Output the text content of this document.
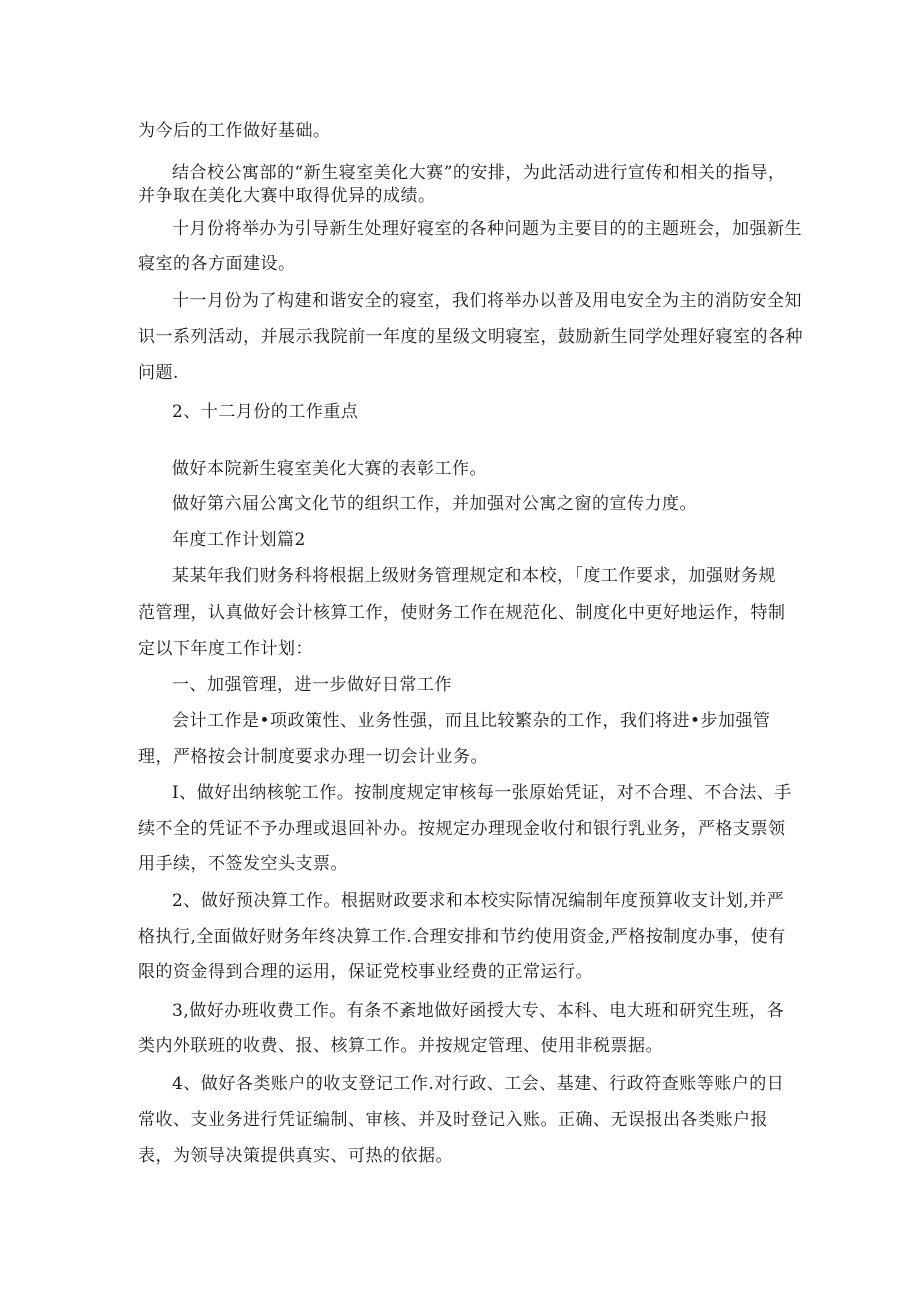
为今后的工作做好基础。

结合校公寓部的“新生寝室美化大赛”的安排，为此活动进行宣传和相关的指导，

并争取在美化大赛中取得优异的成绩。

十月份将举办为引导新生处理好寝室的各种问题为主要目的的主题班会，加强新生

寝室的各方面建设。

十一月份为了构建和谐安全的寝室，我们将举办以普及用电安全为主的消防安全知

识一系列活动，并展示我院前一年度的星级文明寝室，鼓励新生同学处理好寝室的各种

问题.

2、十二月份的工作重点

做好本院新生寝室美化大赛的表彰工作。

做好第六届公寓文化节的组织工作，并加强对公寓之窗的宣传力度。

年度工作计划篇2

某某年我们财务科将根据上级财务管理规定和本校，「度工作要求，加强财务规

范管理，认真做好会计核算工作，使财务工作在规范化、制度化中更好地运作，特制

定以下年度工作计划：

一、加强管理，进一步做好日常工作

会计工作是•项政策性、业务性强，而且比较繁杂的工作，我们将进•步加强管

理，严格按会计制度要求办理一切会计业务。

I、做好出纳核鸵工作。按制度规定审核每一张原始凭证，对不合理、不合法、手

续不全的凭证不予办理或退回补办。按规定办理现金收付和银行乳业务，严格支票领

用手续，不签发空头支票。

2、做好预决算工作。根据财政要求和本校实际情况编制年度预算收支计划,并严

格执行,全面做好财务年终决算工作.合理安排和节约使用资金,严格按制度办事，使有

限的资金得到合理的运用，保证党校事业经费的正常运行。

3,做好办班收费工作。有条不紊地做好函授大专、本科、电大班和研究生班，各

类内外联班的收费、报、核算工作。并按规定管理、使用非税票据。

4、做好各类账户的收支登记工作.对行政、工会、基建、行政符查账等账户的日

常收、支业务进行凭证编制、审核、并及时登记入账。正确、无误报出各类账户报

表，为领导决策提供真实、可热的依据。
